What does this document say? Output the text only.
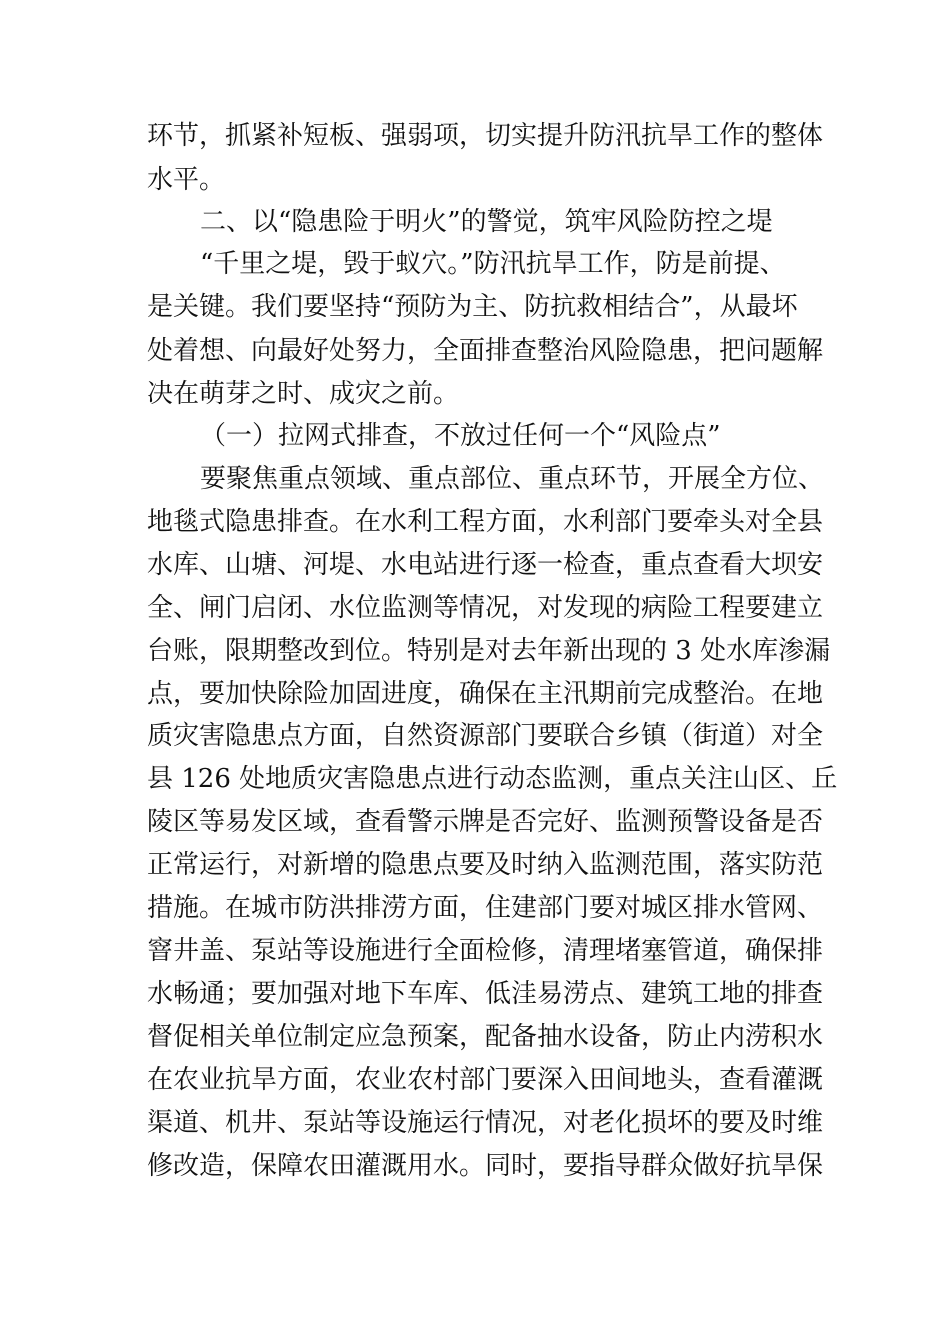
环节，抓紧补短板、强弱项，切实提升防汛抗旱工作的整体
水平。
二、以“隐患险于明火”的警觉，筑牢风险防控之堤
“千里之堤，毁于蚁穴。”防汛抗旱工作，防是前提、
是关键。我们要坚持“预防为主、防抗救相结合”，从最坏
处着想、向最好处努力，全面排查整治风险隐患，把问题解
决在萌芽之时、成灾之前。
（一）拉网式排查，不放过任何一个“风险点”
要聚焦重点领域、重点部位、重点环节，开展全方位、
地毯式隐患排查。在水利工程方面，水利部门要牵头对全县
水库、山塘、河堤、水电站进行逐一检查，重点查看大坝安
全、闸门启闭、水位监测等情况，对发现的病险工程要建立
台账，限期整改到位。特别是对去年新出现的 3 处水库渗漏
点，要加快除险加固进度，确保在主汛期前完成整治。在地
质灾害隐患点方面，自然资源部门要联合乡镇（街道）对全
县 126 处地质灾害隐患点进行动态监测，重点关注山区、丘
陵区等易发区域，查看警示牌是否完好、监测预警设备是否
正常运行，对新增的隐患点要及时纳入监测范围，落实防范
措施。在城市防洪排涝方面，住建部门要对城区排水管网、
窨井盖、泵站等设施进行全面检修，清理堵塞管道，确保排
水畅通；要加强对地下车库、低洼易涝点、建筑工地的排查
督促相关单位制定应急预案，配备抽水设备，防止内涝积水
在农业抗旱方面，农业农村部门要深入田间地头，查看灌溉
渠道、机井、泵站等设施运行情况，对老化损坏的要及时维
修改造，保障农田灌溉用水。同时，要指导群众做好抗旱保
